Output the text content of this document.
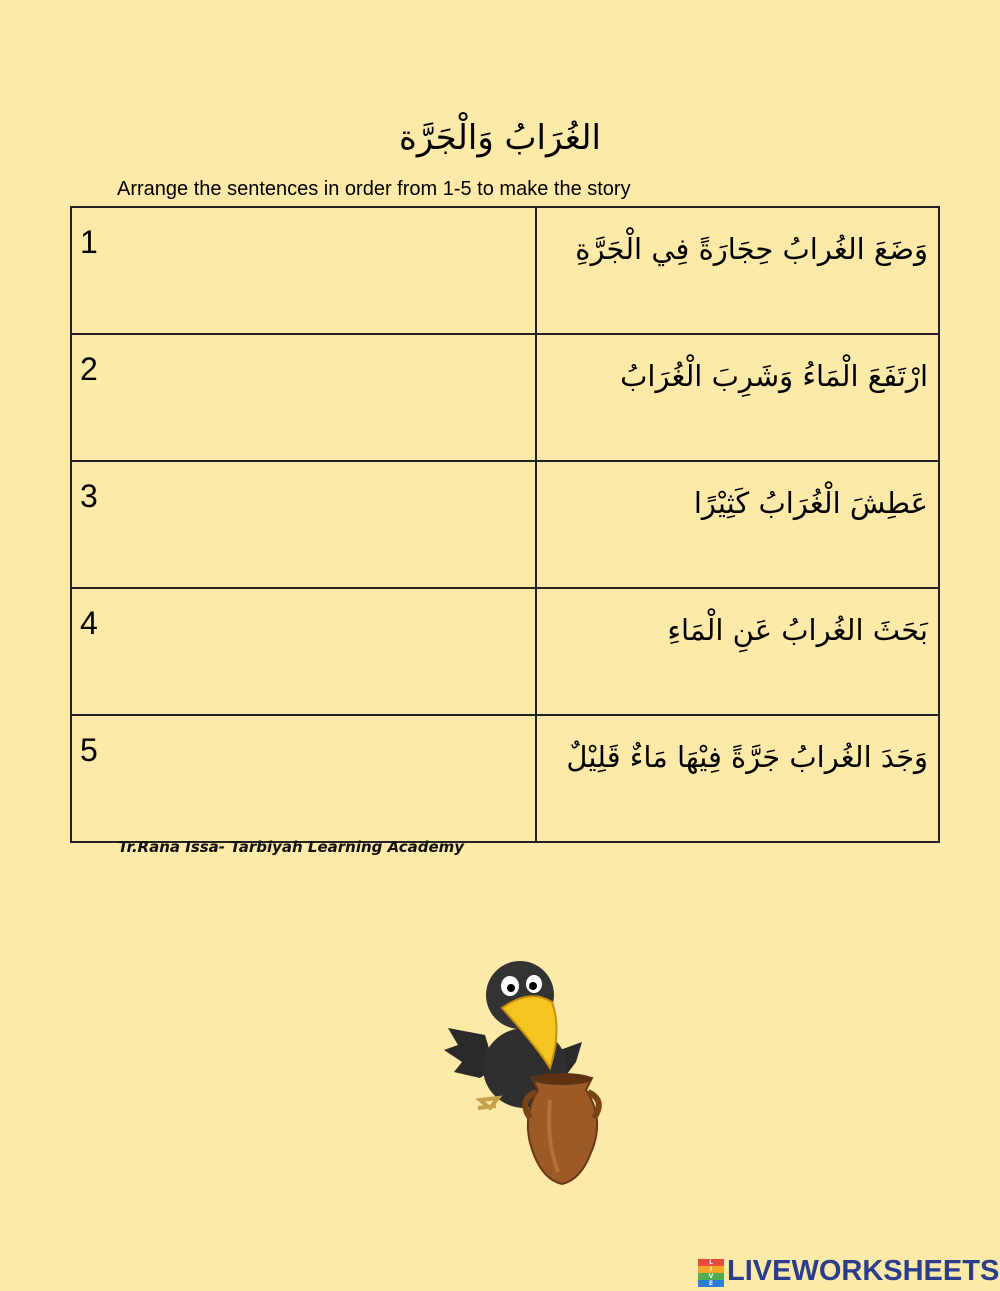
الغُرَابُ وَالْجَرَّة
Arrange the sentences in order from 1-5 to make the story
1	وَضَعَ الغُرابُ حِجَارَةً فِي الْجَرَّةِ

2	ارْتَفَعَ الْمَاءُ وَشَرِبَ الْغُرَابُ

3	عَطِشَ الْغُرَابُ كَثِيْرًا

4	بَحَثَ الغُرابُ عَنِ الْمَاءِ

5	وَجَدَ الغُرابُ جَرَّةً فِيْهَا مَاءٌ قَلِيْلٌ
Tr.Rana Issa- Tarbiyah Learning Academy
L
I
V
E LIVEWORKSHEETS
